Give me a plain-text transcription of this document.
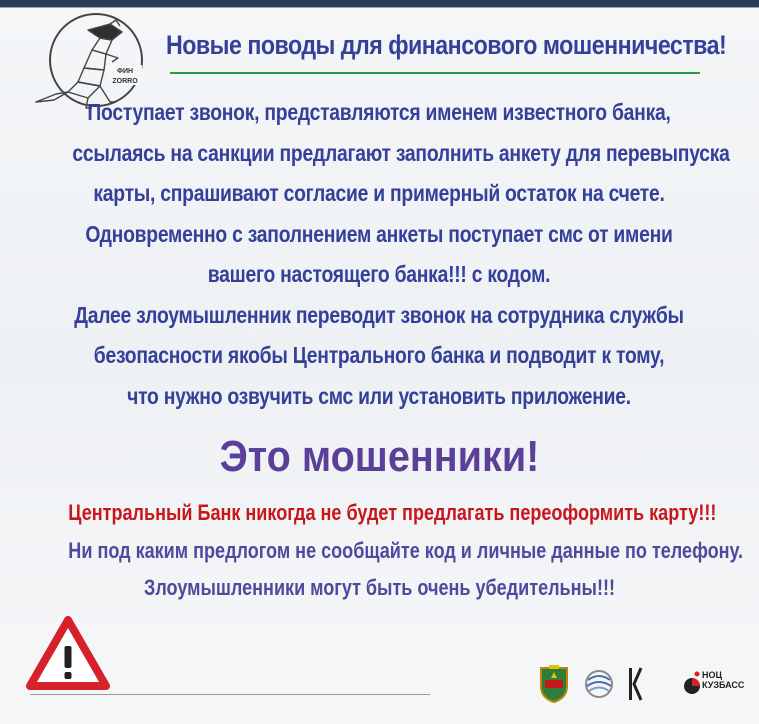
ФИН
ZORRO
Новые поводы для финансового мошенничества!
Поступает звонок, представляются именем известного банка,
ссылаясь на санкции предлагают заполнить анкету для перевыпуска
карты, спрашивают согласие и примерный остаток на счете.
Одновременно с заполнением анкеты поступает смс от имени
вашего настоящего банка!!! с кодом.
Далее злоумышленник переводит звонок на сотрудника службы
безопасности якобы Центрального банка и подводит к тому,
что нужно озвучить смс или установить приложение.
Это мошенники!
Центральный Банк никогда не будет предлагать переоформить карту!!!
Ни под каким предлогом не сообщайте код и личные данные по телефону.
Злоумышленники могут быть очень убедительны!!!
НОЦ
КУЗБАСС
